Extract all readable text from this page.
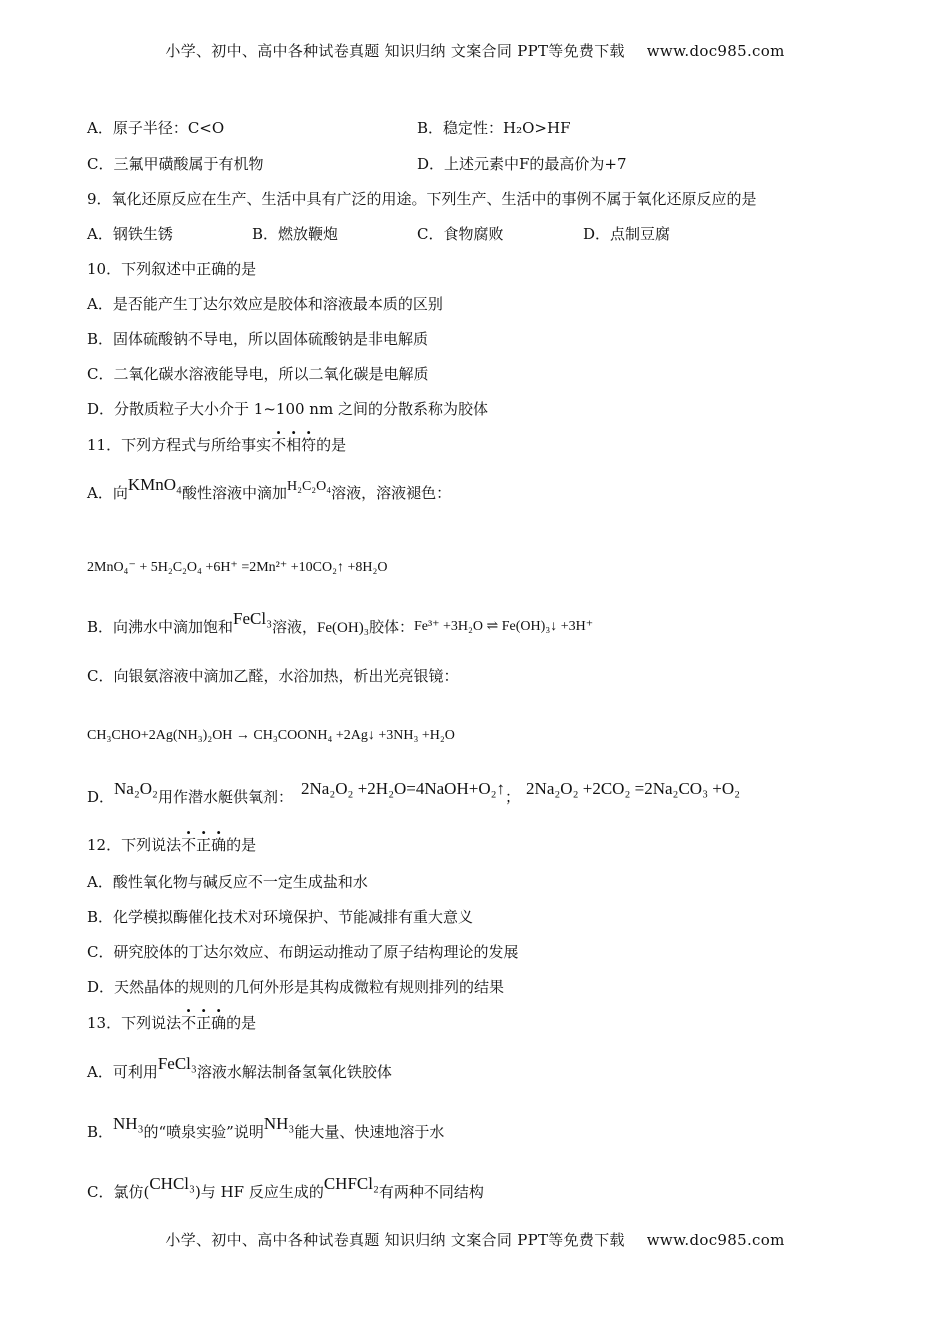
小学、初中、高中各种试卷真题 知识归纳 文案合同 PPT等免费下载 www.doc985.com
A．原子半径：C<O	B．稳定性：H₂O>HF
C．三氟甲磺酸属于有机物	D．上述元素中F的最高价为+7
9．氧化还原反应在生产、生活中具有广泛的用途。下列生产、生活中的事例不属于氧化还原反应的是
A．钢铁生锈	B．燃放鞭炮	C．食物腐败	D．点制豆腐
10．下列叙述中正确的是
A．是否能产生丁达尔效应是胶体和溶液最本质的区别
B．固体硫酸钠不导电，所以固体硫酸钠是非电解质
C．二氧化碳水溶液能导电，所以二氧化碳是电解质
D．分散质粒子大小介于 1~100 nm 之间的分散系称为胶体
11．下列方程式与所给事实不相符的是
A．向KMnO₄酸性溶液中滴加H₂C₂O₄溶液，溶液褪色：
2MnO₄⁻ + 5H₂C₂O₄ +6H⁺ =2Mn²⁺ +10CO₂↑ +8H₂O
B．向沸水中滴加饱和FeCl₃溶液，Fe(OH)₃胶体：Fe³⁺ +3H₂O ⇌ Fe(OH)₃↓ +3H⁺
C．向银氨溶液中滴加乙醛，水浴加热，析出光亮银镜：
CH₃CHO+2Ag(NH₃)₂OH → CH₃COONH₄ +2Ag↓ +3NH₃ +H₂O
D．Na₂O₂用作潜水艇供氧剂： 2Na₂O₂ +2H₂O=4NaOH+O₂↑； 2Na₂O₂ +2CO₂ =2Na₂CO₃ +O₂
12．下列说法不正确的是
A．酸性氧化物与碱反应不一定生成盐和水
B．化学模拟酶催化技术对环境保护、节能减排有重大意义
C．研究胶体的丁达尔效应、布朗运动推动了原子结构理论的发展
D．天然晶体的规则的几何外形是其构成微粒有规则排列的结果
13．下列说法不正确的是
A．可利用FeCl₃溶液水解法制备氢氧化铁胶体
B．NH₃的“喷泉实验”说明NH₃能大量、快速地溶于水
C．氯仿(CHCl₃)与 HF 反应生成的CHFCl₂有两种不同结构
小学、初中、高中各种试卷真题 知识归纳 文案合同 PPT等免费下载 www.doc985.com
